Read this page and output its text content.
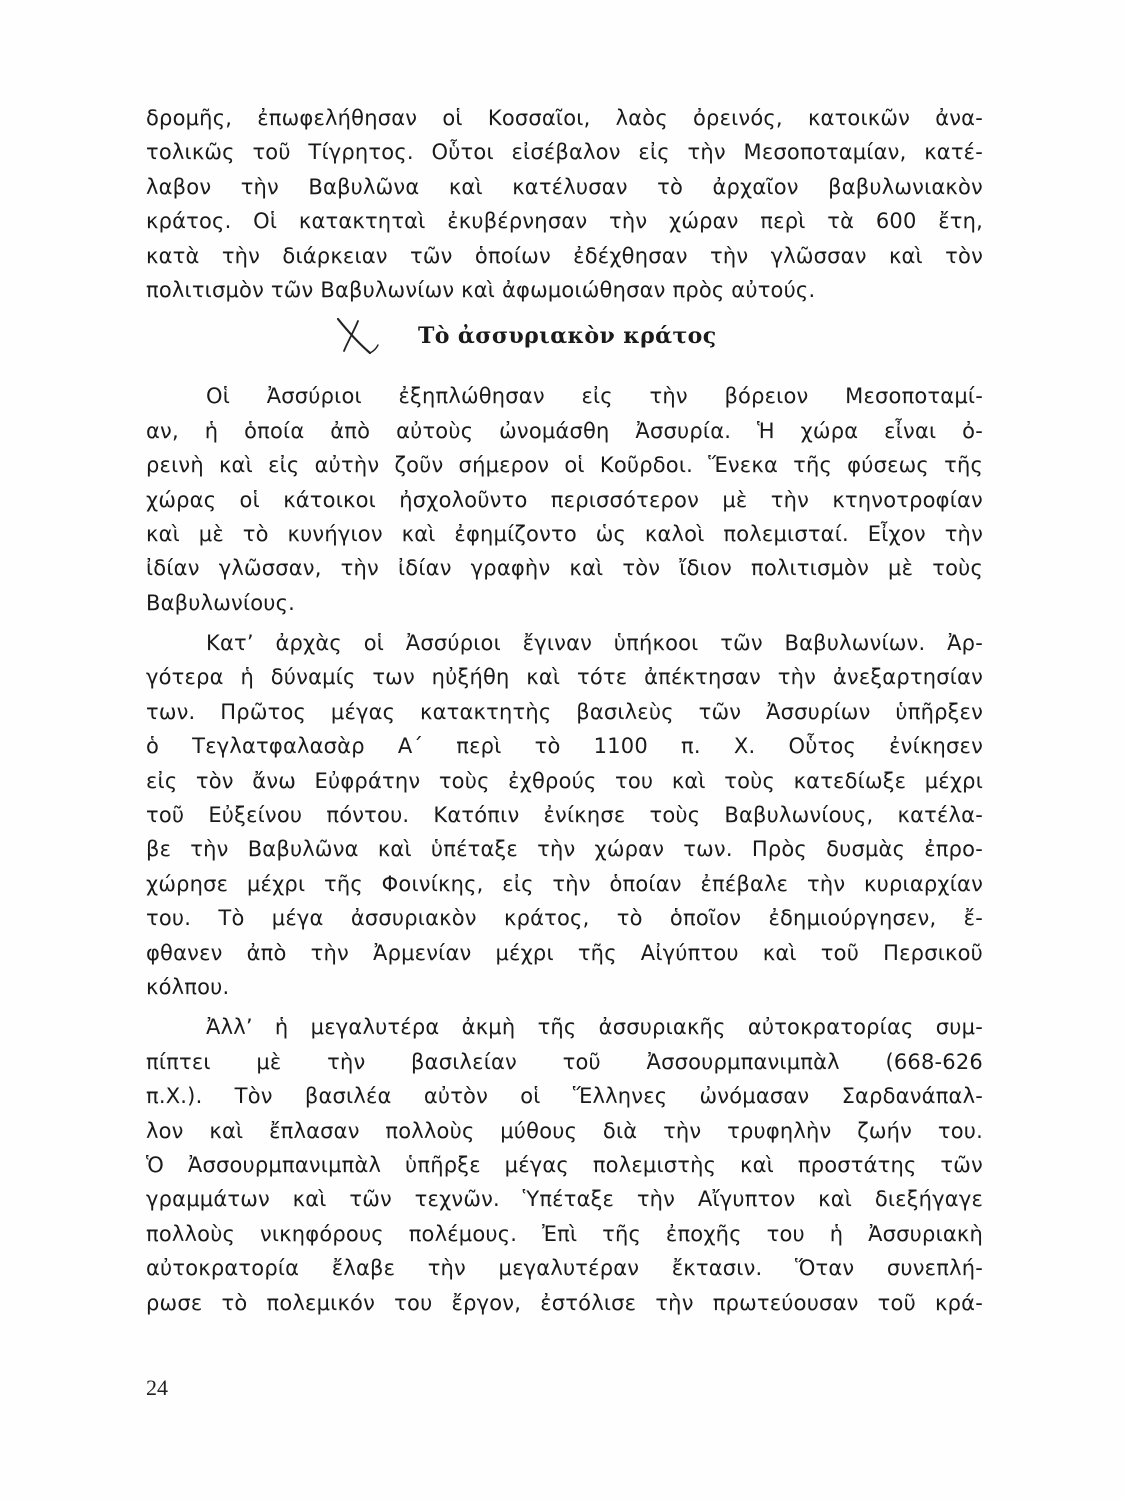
δρομῆς, ἐπωφελήθησαν οἱ Κοσσαῖοι, λαὸς ὀρεινός, κατοικῶν ἀνα-
τολικῶς τοῦ Τίγρητος. Οὗτοι εἰσέβαλον εἰς τὴν Μεσοποταμίαν, κατέ-
λαβον τὴν Βαβυλῶνα καὶ κατέλυσαν τὸ ἀρχαῖον βαβυλωνιακὸν
κράτος. Οἱ κατακτηταὶ ἐκυβέρνησαν τὴν χώραν περὶ τὰ 600 ἔτη,
κατὰ τὴν διάρκειαν τῶν ὁποίων ἐδέχθησαν τὴν γλῶσσαν καὶ τὸν
πολιτισμὸν τῶν Βαβυλωνίων καὶ ἀφωμοιώθησαν πρὸς αὐτούς.
Τὸ ἀσσυριακὸν κράτος
Οἱ Ἀσσύριοι ἐξηπλώθησαν εἰς τὴν βόρειον Μεσοποταμί-
αν, ἡ ὁποία ἀπὸ αὐτοὺς ὠνομάσθη Ἀσσυρία. Ἡ χώρα εἶναι ὀ-
ρεινὴ καὶ εἰς αὐτὴν ζοῦν σήμερον οἱ Κοῦρδοι. Ἕνεκα τῆς φύσεως τῆς
χώρας οἱ κάτοικοι ἠσχολοῦντο περισσότερον μὲ τὴν κτηνοτροφίαν
καὶ μὲ τὸ κυνήγιον καὶ ἐφημίζοντο ὡς καλοὶ πολεμισταί. Εἶχον τὴν
ἰδίαν γλῶσσαν, τὴν ἰδίαν γραφὴν καὶ τὸν ἴδιον πολιτισμὸν μὲ τοὺς
Βαβυλωνίους.
Κατ’ ἀρχὰς οἱ Ἀσσύριοι ἔγιναν ὑπήκοοι τῶν Βαβυλωνίων. Ἀρ-
γότερα ἡ δύναμίς των ηὐξήθη καὶ τότε ἀπέκτησαν τὴν ἀνεξαρτησίαν
των. Πρῶτος μέγας κατακτητὴς βασιλεὺς τῶν Ἀσσυρίων ὑπῆρξεν
ὁ Τεγλατφαλασὰρ Α΄ περὶ τὸ 1100 π. Χ. Οὗτος ἐνίκησεν
εἰς τὸν ἄνω Εὐφράτην τοὺς ἐχθρούς του καὶ τοὺς κατεδίωξε μέχρι
τοῦ Εὐξείνου πόντου. Κατόπιν ἐνίκησε τοὺς Βαβυλωνίους, κατέλα-
βε τὴν Βαβυλῶνα καὶ ὑπέταξε τὴν χώραν των. Πρὸς δυσμὰς ἐπρο-
χώρησε μέχρι τῆς Φοινίκης, εἰς τὴν ὁποίαν ἐπέβαλε τὴν κυριαρχίαν
του. Τὸ μέγα ἀσσυριακὸν κράτος, τὸ ὁποῖον ἐδημιούργησεν, ἔ-
φθανεν ἀπὸ τὴν Ἀρμενίαν μέχρι τῆς Αἰγύπτου καὶ τοῦ Περσικοῦ
κόλπου.
Ἀλλ’ ἡ μεγαλυτέρα ἀκμὴ τῆς ἀσσυριακῆς αὐτοκρατορίας συμ-
πίπτει μὲ τὴν βασιλείαν τοῦ Ἀσσουρμπανιμπὰλ (668-626
π.Χ.). Τὸν βασιλέα αὐτὸν οἱ Ἕλληνες ὠνόμασαν Σαρδανάπαλ-
λον καὶ ἔπλασαν πολλοὺς μύθους διὰ τὴν τρυφηλὴν ζωήν του.
Ὁ Ἀσσουρμπανιμπὰλ ὑπῆρξε μέγας πολεμιστὴς καὶ προστάτης τῶν
γραμμάτων καὶ τῶν τεχνῶν. Ὑπέταξε τὴν Αἴγυπτον καὶ διεξήγαγε
πολλοὺς νικηφόρους πολέμους. Ἐπὶ τῆς ἐποχῆς του ἡ Ἀσσυριακὴ
αὐτοκρατορία ἔλαβε τὴν μεγαλυτέραν ἔκτασιν. Ὅταν συνεπλή-
ρωσε τὸ πολεμικόν του ἔργον, ἐστόλισε τὴν πρωτεύουσαν τοῦ κρά-
24
